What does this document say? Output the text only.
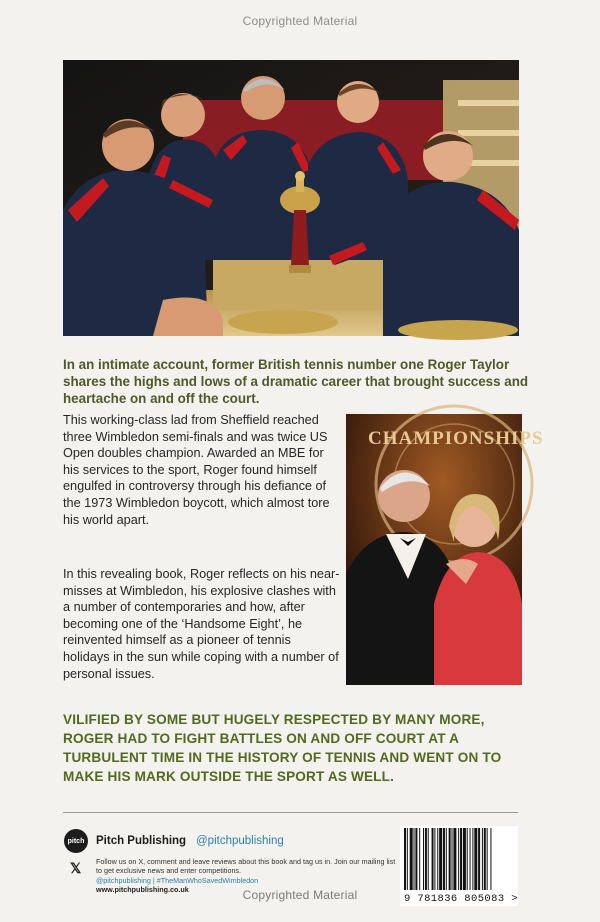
Copyrighted Material
In an intimate account, former British tennis number one Roger Taylor shares the highs and lows of a dramatic career that brought success and heartache on and off the court.
This working-class lad from Sheffield reached three Wimbledon semi-finals and was twice US Open doubles champion. Awarded an MBE for his services to the sport, Roger found himself engulfed in controversy through his defiance of the 1973 Wimbledon boycott, which almost tore his world apart.
In this revealing book, Roger reflects on his near-misses at Wimbledon, his explosive clashes with a number of contemporaries and how, after becoming one of the ‘Handsome Eight’, he reinvented himself as a pioneer of tennis holidays in the sun while coping with a number of personal issues.
CHAMPIONSHIPS
VILIFIED BY SOME BUT HUGELY RESPECTED BY MANY MORE, ROGER HAD TO FIGHT BATTLES ON AND OFF COURT AT A TURBULENT TIME IN THE HISTORY OF TENNIS AND WENT ON TO MAKE HIS MARK OUTSIDE THE SPORT AS WELL.
pitch	Pitch Publishing @pitchpublishing
𝕏 Follow us on X, comment and leave reviews about this book and tag us in. Join our mailing list to get exclusive news and enter competitions.
@pitchpublishing | #TheManWhoSavedWimbledon
www.pitchpublishing.co.uk
9 781836 805083 >
Copyrighted Material
